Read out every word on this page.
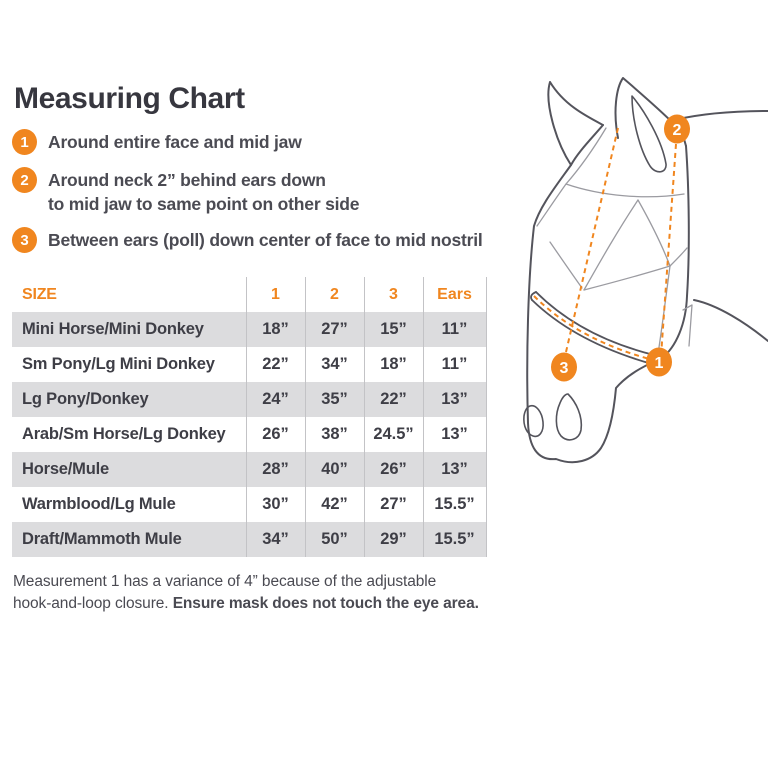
Measuring Chart
1	Around entire face and mid jaw
2	Around neck 2” behind ears down
to mid jaw to same point on other side
3	Between ears (poll) down center of face to mid nostril
SIZE	1	2	3	Ears
Mini Horse/Mini Donkey	18”	27”	15”	11”
Sm Pony/Lg Mini Donkey	22”	34”	18”	11”
Lg Pony/Donkey	24”	35”	22”	13”
Arab/Sm Horse/Lg Donkey	26”	38”	24.5”	13”
Horse/Mule	28”	40”	26”	13”
Warmblood/Lg Mule	30”	42”	27”	15.5”
Draft/Mammoth Mule	34”	50”	29”	15.5”
Measurement 1 has a variance of 4” because of the adjustable
hook-and-loop closure. Ensure mask does not touch the eye area.
2
3	1
